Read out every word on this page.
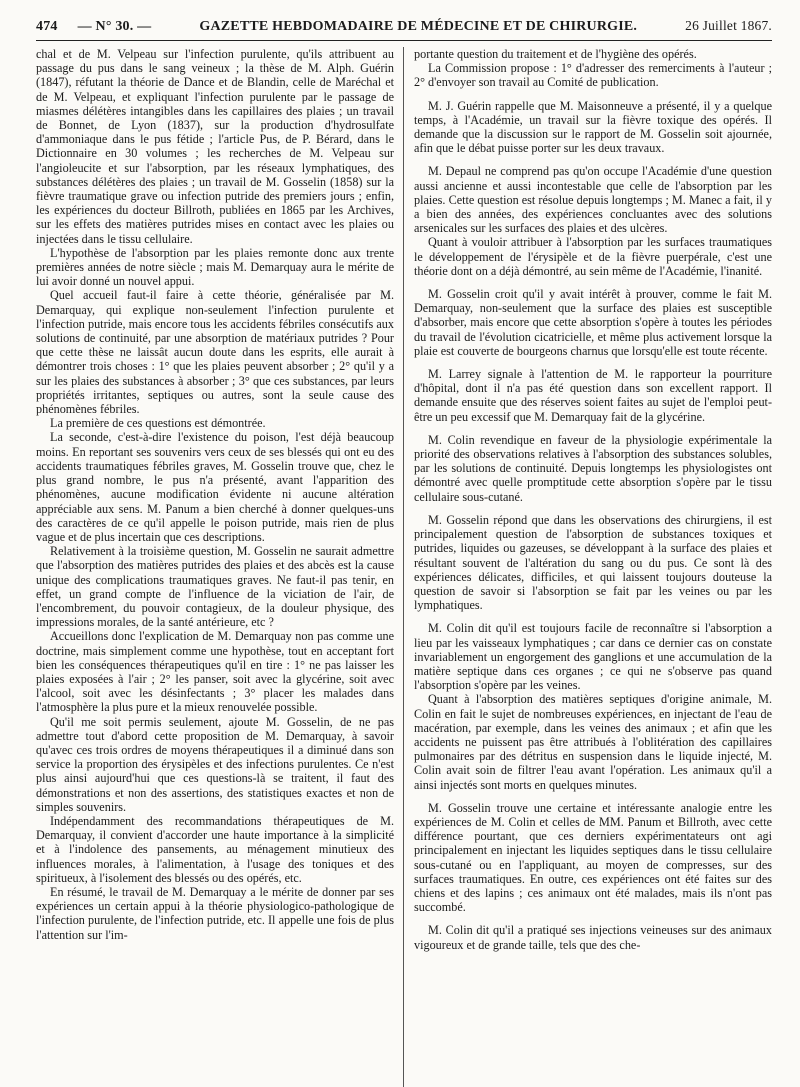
474 — N° 30. —	GAZETTE HEBDOMADAIRE DE MÉDECINE ET DE CHIRURGIE.	26 Juillet 1867.

chal et de M. Velpeau sur l'infection purulente, qu'ils attribuent au passage du pus dans le sang veineux ; la thèse de M. Alph. Guérin (1847), réfutant la théorie de Dance et de Blandin, celle de Maréchal et de M. Velpeau, et expliquant l'infection purulente par le passage de miasmes délétères intangibles dans les capillaires des plaies ; un travail de Bonnet, de Lyon (1837), sur la production d'hydrosulfate d'ammoniaque dans le pus fétide ; l'article Pus, de P. Bérard, dans le Dictionnaire en 30 volumes ; les recherches de M. Velpeau sur l'angioleucite et sur l'absorption, par les réseaux lymphatiques, des substances délétères des plaies ; un travail de M. Gosselin (1858) sur la fièvre traumatique grave ou infection putride des premiers jours ; enfin, les expériences du docteur Billroth, publiées en 1865 par les Archives, sur les effets des matières putrides mises en contact avec les plaies ou injectées dans le tissu cellulaire.

L'hypothèse de l'absorption par les plaies remonte donc aux trente premières années de notre siècle ; mais M. Demarquay aura le mérite de lui avoir donné un nouvel appui.

Quel accueil faut-il faire à cette théorie, généralisée par M. Demarquay, qui explique non-seulement l'infection purulente et l'infection putride, mais encore tous les accidents fébriles consécutifs aux solutions de continuité, par une absorption de matériaux putrides ? Pour que cette thèse ne laissât aucun doute dans les esprits, elle aurait à démontrer trois choses : 1° que les plaies peuvent absorber ; 2° qu'il y a sur les plaies des substances à absorber ; 3° que ces substances, par leurs propriétés irritantes, septiques ou autres, sont la seule cause des phénomènes fébriles.

La première de ces questions est démontrée.

La seconde, c'est-à-dire l'existence du poison, l'est déjà beaucoup moins. En reportant ses souvenirs vers ceux de ses blessés qui ont eu des accidents traumatiques fébriles graves, M. Gosselin trouve que, chez le plus grand nombre, le pus n'a présenté, avant l'apparition des phénomènes, aucune modification évidente ni aucune altération appréciable aux sens. M. Panum a bien cherché à donner quelques-uns des caractères de ce qu'il appelle le poison putride, mais rien de plus vague et de plus incertain que ces descriptions.

Relativement à la troisième question, M. Gosselin ne saurait admettre que l'absorption des matières putrides des plaies et des abcès est la cause unique des complications traumatiques graves. Ne faut-il pas tenir, en effet, un grand compte de l'influence de la viciation de l'air, de l'encombrement, du pouvoir contagieux, de la douleur physique, des impressions morales, de la santé antérieure, etc ?

Accueillons donc l'explication de M. Demarquay non pas comme une doctrine, mais simplement comme une hypothèse, tout en acceptant fort bien les conséquences thérapeutiques qu'il en tire : 1° ne pas laisser les plaies exposées à l'air ; 2° les panser, soit avec la glycérine, soit avec l'alcool, soit avec les désinfectants ; 3° placer les malades dans l'atmosphère la plus pure et la mieux renouvelée possible.

Qu'il me soit permis seulement, ajoute M. Gosselin, de ne pas admettre tout d'abord cette proposition de M. Demarquay, à savoir qu'avec ces trois ordres de moyens thérapeutiques il a diminué dans son service la proportion des érysipèles et des infections purulentes. Ce n'est plus ainsi aujourd'hui que ces questions-là se traitent, il faut des démonstrations et non des assertions, des statistiques exactes et non de simples souvenirs.

Indépendamment des recommandations thérapeutiques de M. Demarquay, il convient d'accorder une haute importance à la simplicité et à l'indolence des pansements, au ménagement minutieux des influences morales, à l'alimentation, à l'usage des toniques et des spiritueux, à l'isolement des blessés ou des opérés, etc.

En résumé, le travail de M. Demarquay a le mérite de donner par ses expériences un certain appui à la théorie physiologico-pathologique de l'infection purulente, de l'infection putride, etc. Il appelle une fois de plus l'attention sur l'im-

portante question du traitement et de l'hygiène des opérés.

La Commission propose : 1° d'adresser des remerciments à l'auteur ; 2° d'envoyer son travail au Comité de publication.

M. J. Guérin rappelle que M. Maisonneuve a présenté, il y a quelque temps, à l'Académie, un travail sur la fièvre toxique des opérés. Il demande que la discussion sur le rapport de M. Gosselin soit ajournée, afin que le débat puisse porter sur les deux travaux.

M. Depaul ne comprend pas qu'on occupe l'Académie d'une question aussi ancienne et aussi incontestable que celle de l'absorption par les plaies. Cette question est résolue depuis longtemps ; M. Manec a fait, il y a bien des années, des expériences concluantes avec des solutions arsenicales sur les surfaces des plaies et des ulcères.

Quant à vouloir attribuer à l'absorption par les surfaces traumatiques le développement de l'érysipèle et de la fièvre puerpérale, c'est une théorie dont on a déjà démontré, au sein même de l'Académie, l'inanité.

M. Gosselin croit qu'il y avait intérêt à prouver, comme le fait M. Demarquay, non-seulement que la surface des plaies est susceptible d'absorber, mais encore que cette absorption s'opère à toutes les périodes du travail de l'évolution cicatricielle, et même plus activement lorsque la plaie est couverte de bourgeons charnus que lorsqu'elle est toute récente.

M. Larrey signale à l'attention de M. le rapporteur la pourriture d'hôpital, dont il n'a pas été question dans son excellent rapport. Il demande ensuite que des réserves soient faites au sujet de l'emploi peut-être un peu excessif que M. Demarquay fait de la glycérine.

M. Colin revendique en faveur de la physiologie expérimentale la priorité des observations relatives à l'absorption des substances solubles, par les solutions de continuité. Depuis longtemps les physiologistes ont démontré avec quelle promptitude cette absorption s'opère par le tissu cellulaire sous-cutané.

M. Gosselin répond que dans les observations des chirurgiens, il est principalement question de l'absorption de substances toxiques et putrides, liquides ou gazeuses, se développant à la surface des plaies et résultant souvent de l'altération du sang ou du pus. Ce sont là des expériences délicates, difficiles, et qui laissent toujours douteuse la question de savoir si l'absorption se fait par les veines ou par les lymphatiques.

M. Colin dit qu'il est toujours facile de reconnaître si l'absorption a lieu par les vaisseaux lymphatiques ; car dans ce dernier cas on constate invariablement un engorgement des ganglions et une accumulation de la matière septique dans ces organes ; ce qui ne s'observe pas quand l'absorption s'opère par les veines.

Quant à l'absorption des matières septiques d'origine animale, M. Colin en fait le sujet de nombreuses expériences, en injectant de l'eau de macération, par exemple, dans les veines des animaux ; et afin que les accidents ne puissent pas être attribués à l'oblitération des capillaires pulmonaires par des détritus en suspension dans le liquide injecté, M. Colin avait soin de filtrer l'eau avant l'opération. Les animaux qu'il a ainsi injectés sont morts en quelques minutes.

M. Gosselin trouve une certaine et intéressante analogie entre les expériences de M. Colin et celles de MM. Panum et Billroth, avec cette différence pourtant, que ces derniers expérimentateurs ont agi principalement en injectant les liquides septiques dans le tissu cellulaire sous-cutané ou en l'appliquant, au moyen de compresses, sur des surfaces traumatiques. En outre, ces expériences ont été faites sur des chiens et des lapins ; ces animaux ont été malades, mais ils n'ont pas succombé.

M. Colin dit qu'il a pratiqué ses injections veineuses sur des animaux vigoureux et de grande taille, tels que des che-
